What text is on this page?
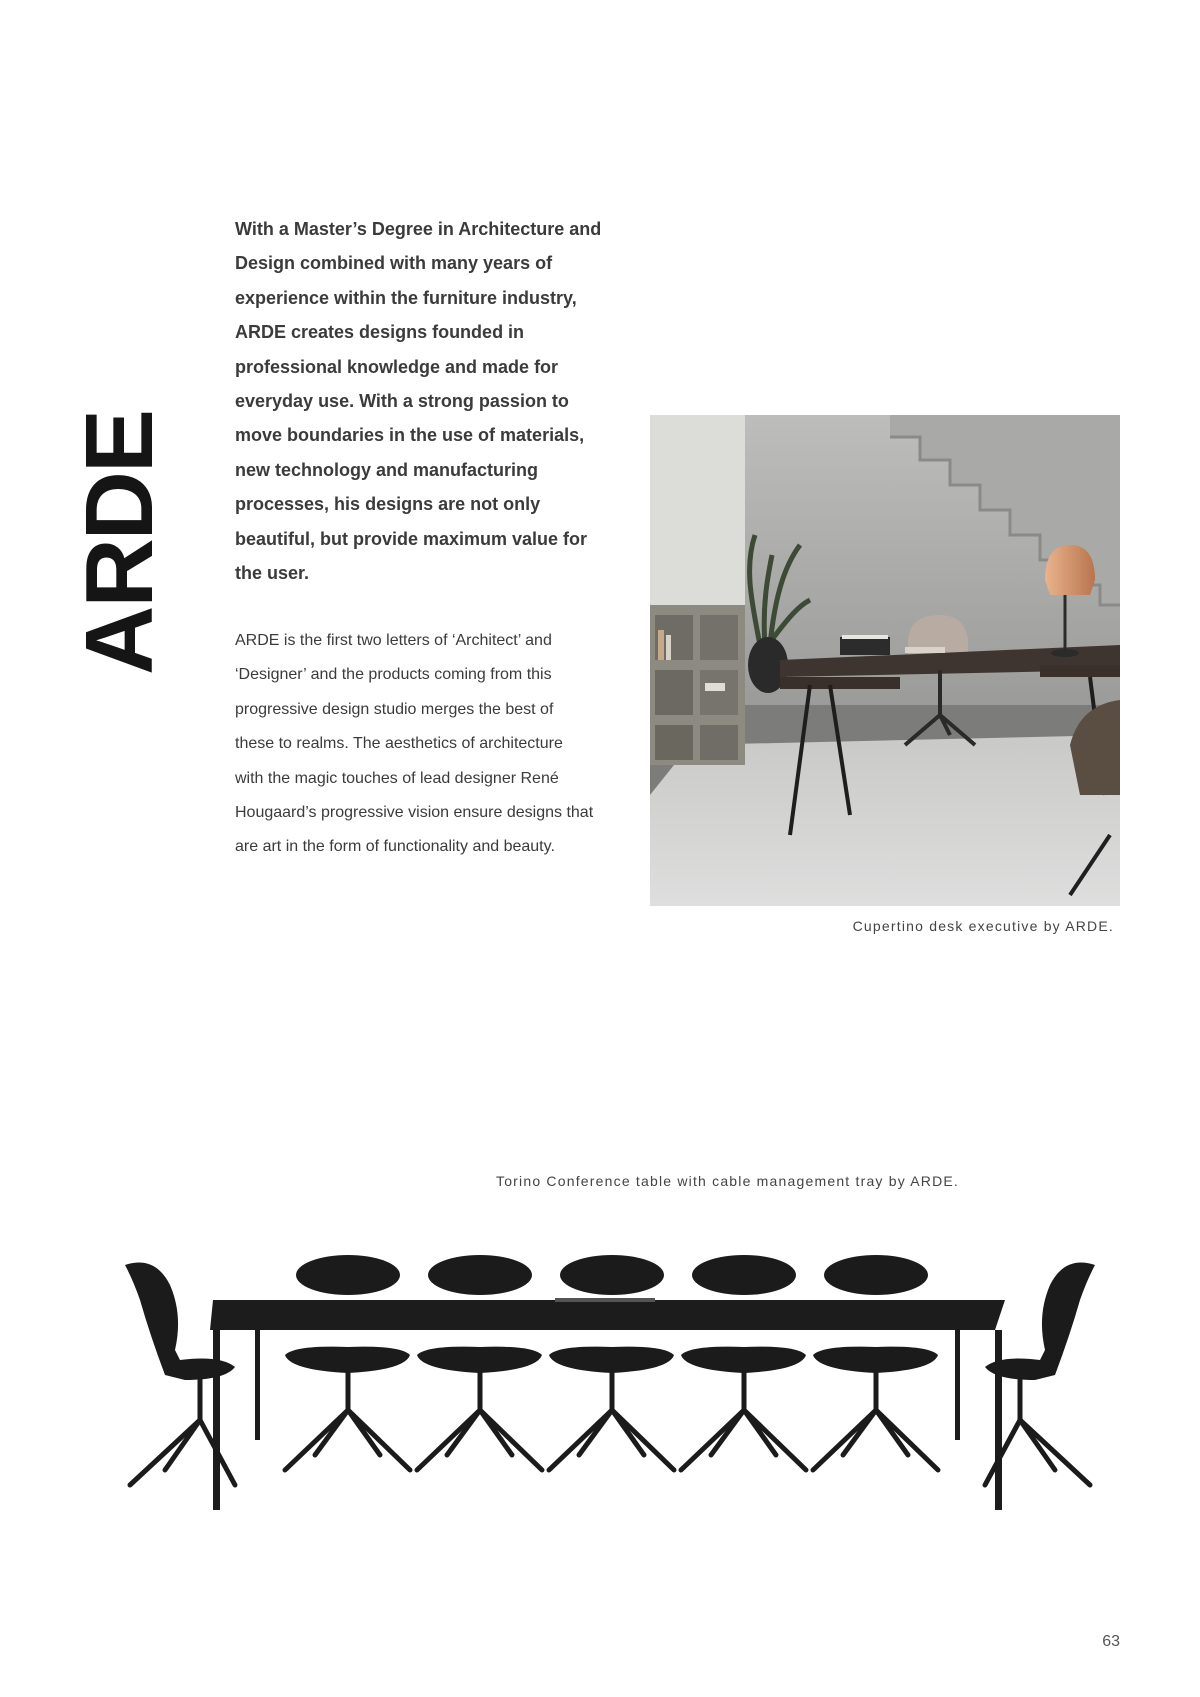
ARDE

With a Master’s Degree in Architecture and Design combined with many years of experience within the furniture industry, ARDE creates designs founded in professional knowledge and made for everyday use. With a strong passion to move boundaries in the use of materials, new technology and manufacturing processes, his designs are not only beautiful, but provide maximum value for the user.

ARDE is the first two letters of ‘Architect’ and ‘Designer’ and the products coming from this progressive design studio merges the best of these to realms. The aesthetics of architecture with the magic touches of lead designer René Hougaard’s progressive vision ensure designs that are art in the form of functionality and beauty.

Cupertino desk executive by ARDE.
Torino Conference table with cable management tray by ARDE.
63
